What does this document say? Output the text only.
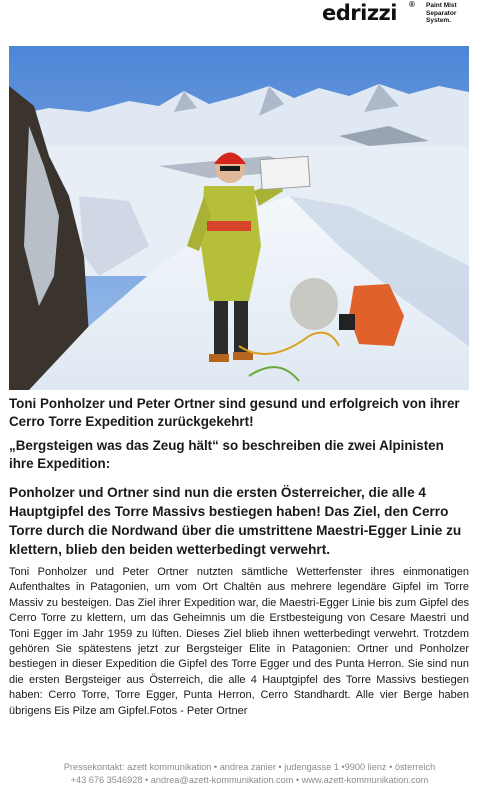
edrizzi ® Paint Mist
Separator
System.
Toni Ponholzer und Peter Ortner sind gesund und erfolgreich von ihrer Cerro Torre Expedition zurückgekehrt!
„Bergsteigen was das Zeug hält“ so beschreiben die zwei Alpinisten ihre Expedition:
Ponholzer und Ortner sind nun die ersten Österreicher, die alle 4 Hauptgipfel des Torre Massivs bestiegen haben! Das Ziel, den Cerro Torre durch die Nordwand über die umstrittene Maestri-Egger Linie zu klettern, blieb den beiden wetterbedingt verwehrt.
Toni Ponholzer und Peter Ortner nutzten sämtliche Wetterfenster ihres einmonatigen Aufenthaltes in Patagonien, um vom Ort Chaltèn aus mehrere legendäre Gipfel im Torre Massiv zu besteigen. Das Ziel ihrer Expedition war, die Maestri-Egger Linie bis zum Gipfel des Cerro Torre zu klettern, um das Geheimnis um die Erstbesteigung von Cesare Maestri und Toni Egger im Jahr 1959 zu lüften. Dieses Ziel blieb ihnen wetterbedingt verwehrt. Trotzdem gehören Sie spätestens jetzt zur Bergsteiger Elite in Patagonien: Ortner und Ponholzer bestiegen in dieser Expedition die Gipfel des Torre Egger und des Punta Herron. Sie sind nun die ersten Bergsteiger aus Österreich, die alle 4 Hauptgipfel des Torre Massivs bestiegen haben: Cerro Torre, Torre Egger, Punta Herron, Cerro Standhardt. Alle vier Berge haben übrigens Eis Pilze am Gipfel.Fotos - Peter Ortner
Pressekontakt: azett kommunikation • andrea zanier • judengasse 1 •9900 lienz • österreich
+43 676 3546928 • andrea@azett-kommunikation.com • www.azett-kommunikation.com
